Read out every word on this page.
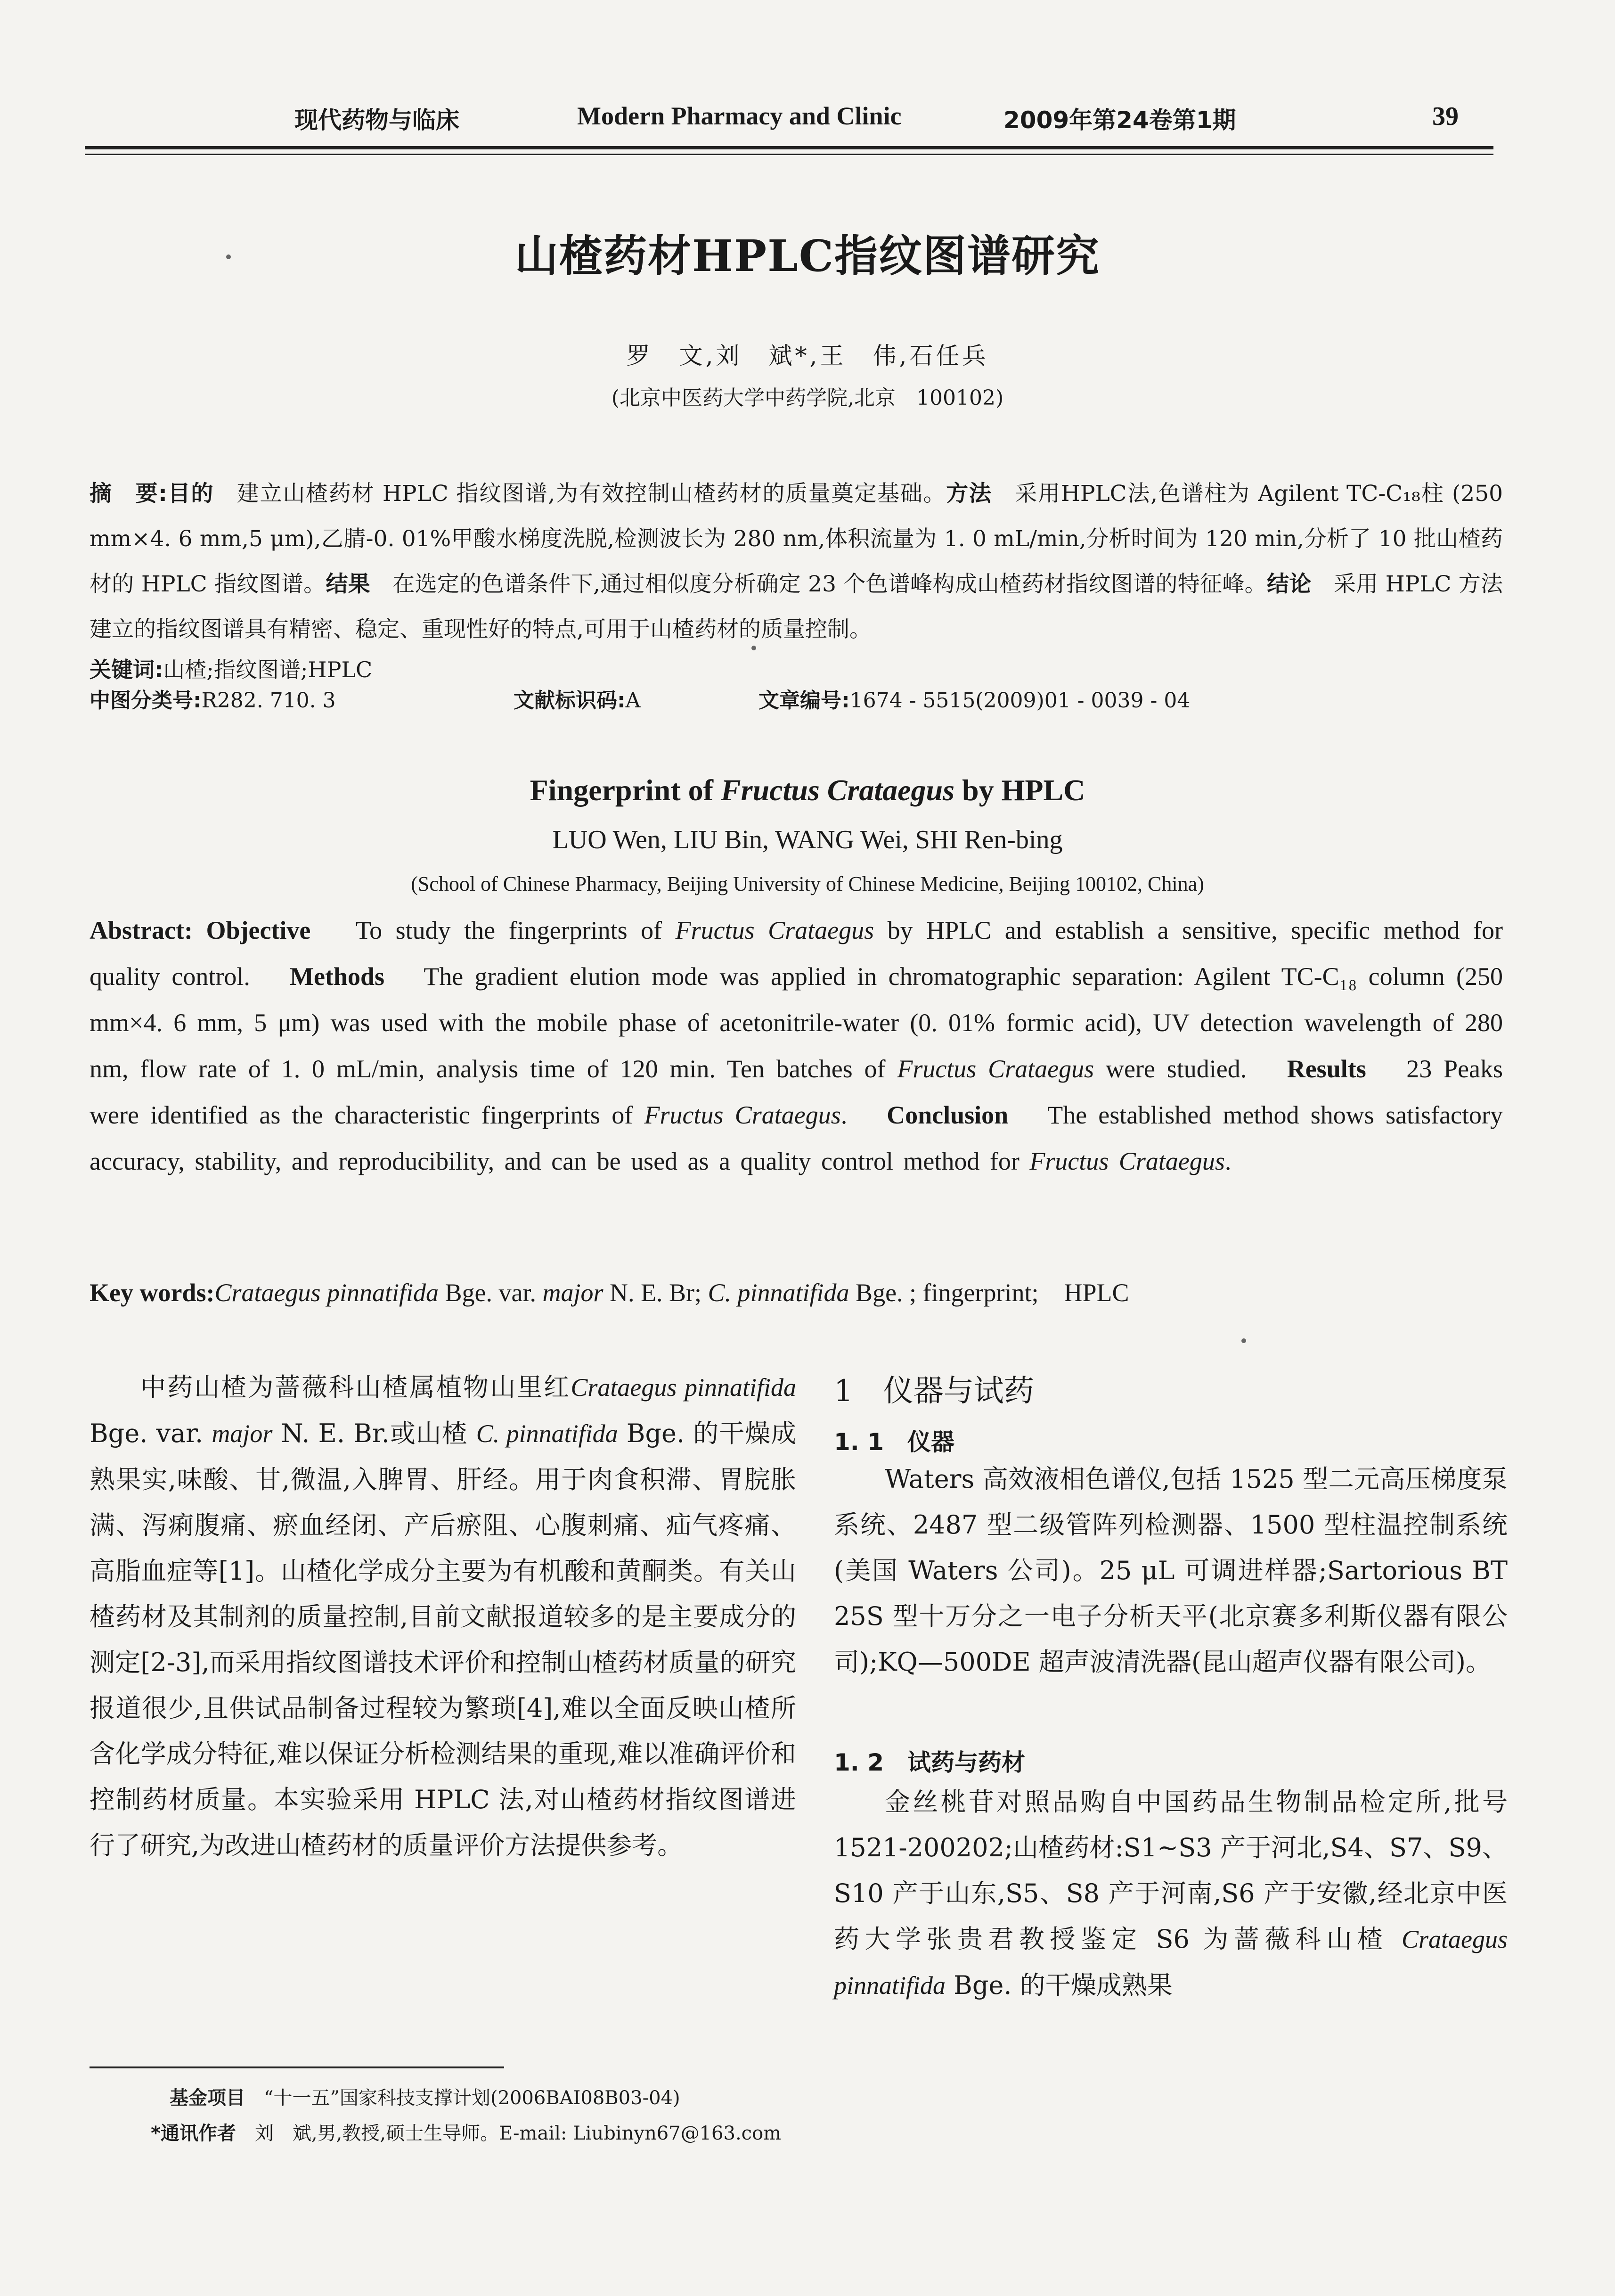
现代药物与临床	Modern Pharmacy and Clinic	2009年第24卷第1期	39
山楂药材HPLC指纹图谱研究
罗　文,刘　斌*,王　伟,石任兵
(北京中医药大学中药学院,北京　100102)
摘　要:目的　 建立山楂药材 HPLC 指纹图谱,为有效控制山楂药材的质量奠定基础。方法　 采用HPLC法,色谱柱为 Agilent TC-C₁₈柱 (250 mm×4. 6 mm,5 μm),乙腈-0. 01%甲酸水梯度洗脱,检测波长为 280 nm,体积流量为 1. 0 mL/min,分析时间为 120 min,分析了 10 批山楂药材的 HPLC 指纹图谱。结果　 在选定的色谱条件下,通过相似度分析确定 23 个色谱峰构成山楂药材指纹图谱的特征峰。结论　 采用 HPLC 方法建立的指纹图谱具有精密、稳定、重现性好的特点,可用于山楂药材的质量控制。
关键词:山楂;指纹图谱;HPLC
中图分类号:R282. 710. 3	文献标识码:A	文章编号:1674 - 5515(2009)01 - 0039 - 04
Fingerprint of Fructus Crataegus by HPLC
LUO Wen, LIU Bin, WANG Wei, SHI Ren-bing
(School of Chinese Pharmacy, Beijing University of Chinese Medicine, Beijing 100102, China)
Abstract: Objective　 To study the fingerprints of Fructus Crataegus by HPLC and establish a sensitive, specific method for quality control.　 Methods　 The gradient elution mode was applied in chromatographic separation: Agilent TC-C₁₈ column (250 mm×4. 6 mm, 5 μm) was used with the mobile phase of acetonitrile-water (0. 01% formic acid), UV detection wavelength of 280 nm, flow rate of 1. 0 mL/min, analysis time of 120 min. Ten batches of Fructus Crataegus were studied.　 Results　 23 Peaks were identified as the characteristic fingerprints of Fructus Crataegus.　 Conclusion　 The established method shows satisfactory accuracy, stability, and reproducibility, and can be used as a quality control method for Fructus Crataegus.
Key words:Crataegus pinnatifida Bge. var. major N. E. Br; C. pinnatifida Bge. ; fingerprint;　HPLC
中药山楂为蔷薇科山楂属植物山里红Crataegus pinnatifida Bge. var. major N. E. Br.或山楂 C. pinnatifida Bge. 的干燥成熟果实,味酸、甘,微温,入脾胃、肝经。用于肉食积滞、胃脘胀满、泻痢腹痛、瘀血经闭、产后瘀阻、心腹刺痛、疝气疼痛、高脂血症等[1]。山楂化学成分主要为有机酸和黄酮类。有关山楂药材及其制剂的质量控制,目前文献报道较多的是主要成分的测定[2-3],而采用指纹图谱技术评价和控制山楂药材质量的研究报道很少,且供试品制备过程较为繁琐[4],难以全面反映山楂所含化学成分特征,难以保证分析检测结果的重现,难以准确评价和控制药材质量。本实验采用 HPLC 法,对山楂药材指纹图谱进行了研究,为改进山楂药材的质量评价方法提供参考。
1　 仪器与试药
1. 1　 仪器
Waters 高效液相色谱仪,包括 1525 型二元高压梯度泵系统、2487 型二级管阵列检测器、1500 型柱温控制系统(美国 Waters 公司)。25 μL 可调进样器;Sartorious BT 25S 型十万分之一电子分析天平(北京赛多利斯仪器有限公司);KQ—500DE 超声波清洗器(昆山超声仪器有限公司)。
1. 2　 试药与药材
金丝桃苷对照品购自中国药品生物制品检定所,批号 1521-200202;山楂药材:S1~S3 产于河北,S4、S7、S9、S10 产于山东,S5、S8 产于河南,S6 产于安徽,经北京中医药大学张贵君教授鉴定 S6 为蔷薇科山楂 Crataegus pinnatifida Bge. 的干燥成熟果
基金项目　 “十一五”国家科技支撑计划(2006BAI08B03-04)
*通讯作者　 刘　斌,男,教授,硕士生导师。E-mail: Liubinyn67@163.com
